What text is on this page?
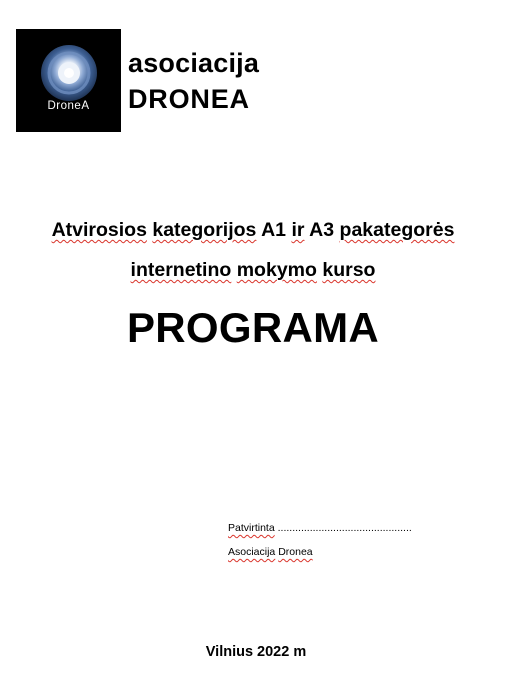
DroneA
asociacija
DRONEA
Atvirosios kategorijos A1 ir A3 pakategorės
internetino mokymo kurso
PROGRAMA
Patvirtinta ..............................................
Asociacija Dronea
Vilnius 2022 m
